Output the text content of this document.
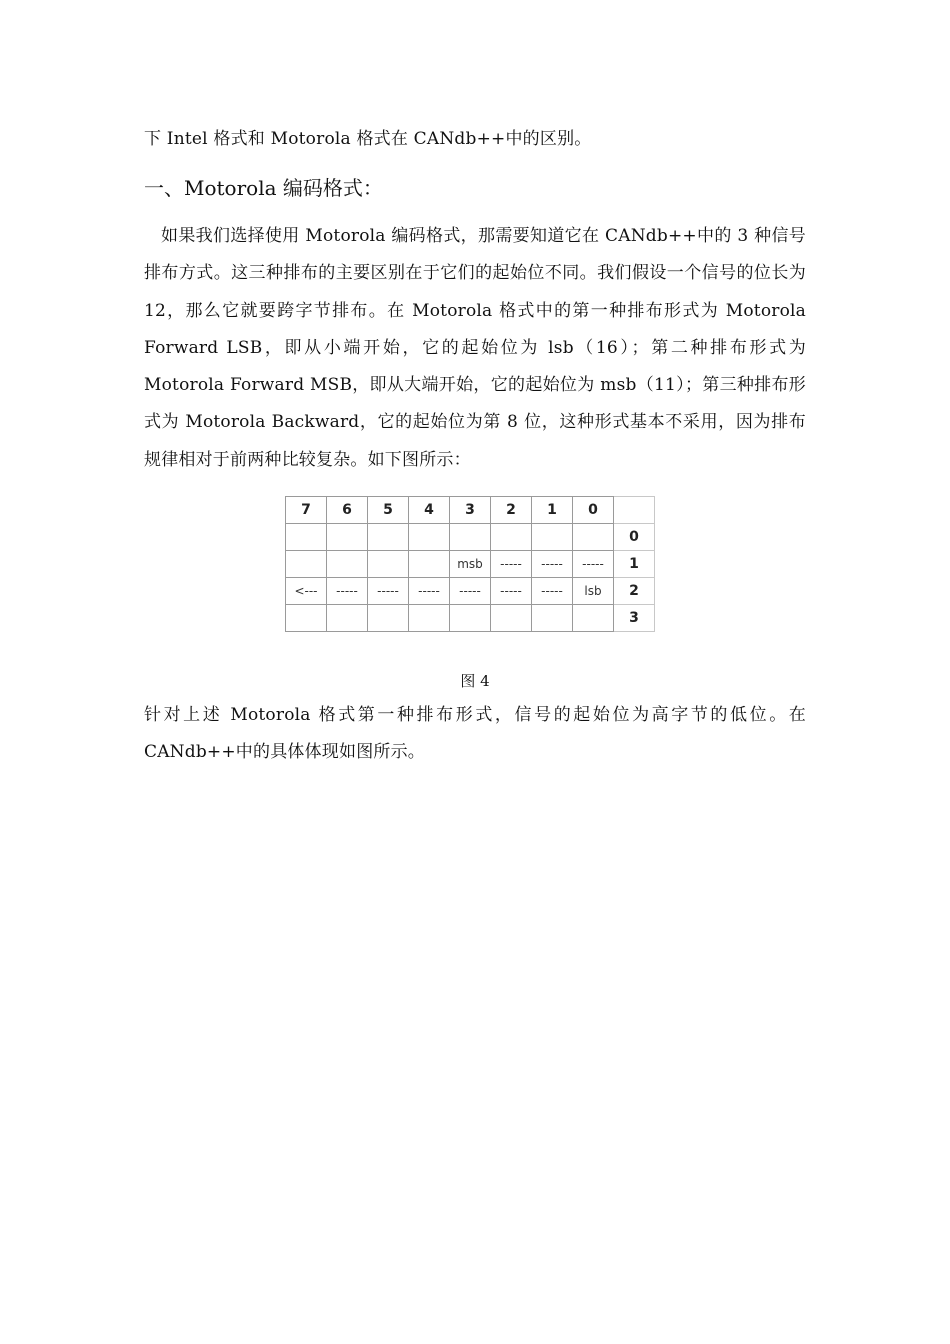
下 Intel 格式和 Motorola 格式在 CANdb++中的区别。

一、Motorola 编码格式：

如果我们选择使用 Motorola 编码格式，那需要知道它在 CANdb++中的 3 种信号排布方式。这三种排布的主要区别在于它们的起始位不同。我们假设一个信号的位长为 12，那么它就要跨字节排布。在 Motorola 格式中的第一种排布形式为 Motorola Forward LSB，即从小端开始，它的起始位为 lsb（16）；第二种排布形式为 Motorola Forward MSB，即从大端开始，它的起始位为 msb（11）；第三种排布形式为 Motorola Backward，它的起始位为第 8 位，这种形式基本不采用，因为排布规律相对于前两种比较复杂。如下图所示：

7	6	5	4	3	2	1	0	
								0
				msb	-----	-----	-----	1
<---	-----	-----	-----	-----	-----	-----	lsb	2
								3

图 4

针对上述 Motorola 格式第一种排布形式，信号的起始位为高字节的低位。在 CANdb++中的具体体现如图所示。
